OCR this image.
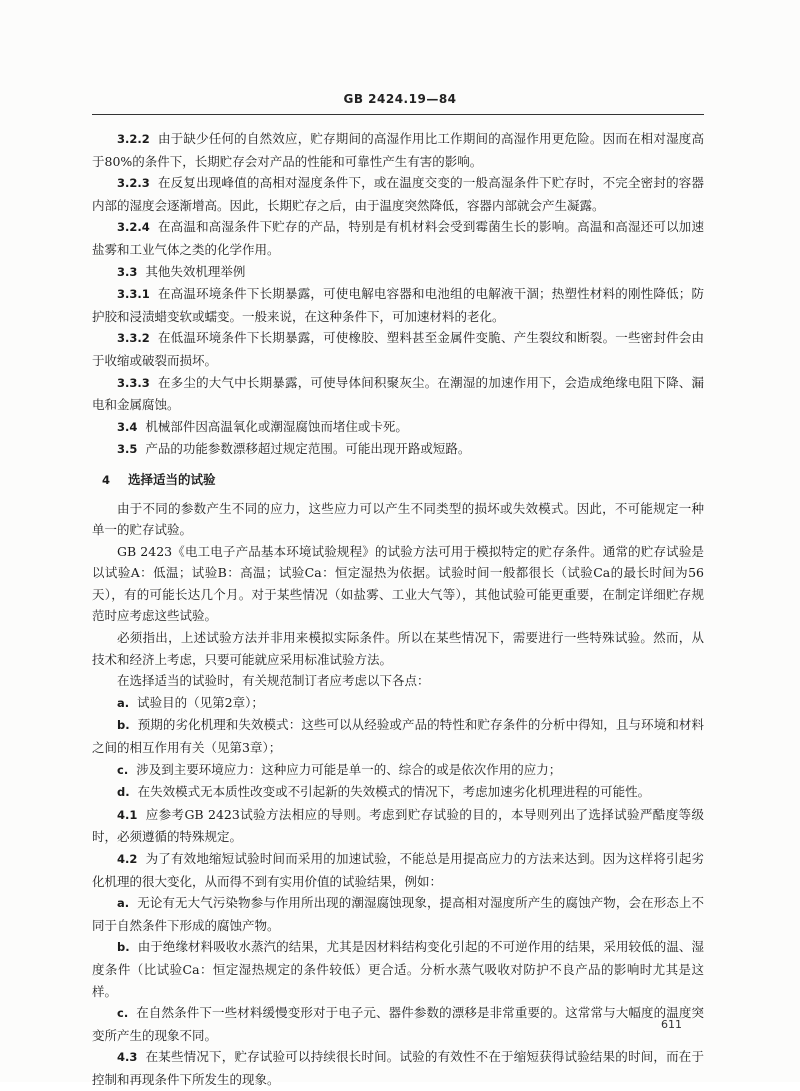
GB 2424.19—84

3.2.2 由于缺少任何的自然效应，贮存期间的高湿作用比工作期间的高湿作用更危险。因而在相对湿度高于80%的条件下，长期贮存会对产品的性能和可靠性产生有害的影响。

3.2.3 在反复出现峰值的高相对湿度条件下，或在温度交变的一般高湿条件下贮存时，不完全密封的容器内部的湿度会逐渐增高。因此，长期贮存之后，由于温度突然降低，容器内部就会产生凝露。

3.2.4 在高温和高湿条件下贮存的产品，特别是有机材料会受到霉菌生长的影响。高温和高湿还可以加速盐雾和工业气体之类的化学作用。

3.3 其他失效机理举例

3.3.1 在高温环境条件下长期暴露，可使电解电容器和电池组的电解液干涸；热塑性材料的刚性降低；防护胶和浸渍蜡变软或蠕变。一般来说，在这种条件下，可加速材料的老化。

3.3.2 在低温环境条件下长期暴露，可使橡胶、塑料甚至金属件变脆、产生裂纹和断裂。一些密封件会由于收缩或破裂而损坏。

3.3.3 在多尘的大气中长期暴露，可使导体间积聚灰尘。在潮湿的加速作用下，会造成绝缘电阻下降、漏电和金属腐蚀。

3.4 机械部件因高温氧化或潮湿腐蚀而堵住或卡死。

3.5 产品的功能参数漂移超过规定范围。可能出现开路或短路。

4 选择适当的试验

由于不同的参数产生不同的应力，这些应力可以产生不同类型的损坏或失效模式。因此，不可能规定一种单一的贮存试验。

GB 2423《电工电子产品基本环境试验规程》的试验方法可用于模拟特定的贮存条件。通常的贮存试验是以试验A：低温；试验B：高温；试验Ca：恒定湿热为依据。试验时间一般都很长（试验Ca的最长时间为56天），有的可能长达几个月。对于某些情况（如盐雾、工业大气等），其他试验可能更重要，在制定详细贮存规范时应考虑这些试验。

必须指出，上述试验方法并非用来模拟实际条件。所以在某些情况下，需要进行一些特殊试验。然而，从技术和经济上考虑，只要可能就应采用标准试验方法。

在选择适当的试验时，有关规范制订者应考虑以下各点：

a. 试验目的（见第2章）；

b. 预期的劣化机理和失效模式：这些可以从经验或产品的特性和贮存条件的分析中得知，且与环境和材料之间的相互作用有关（见第3章）；

c. 涉及到主要环境应力：这种应力可能是单一的、综合的或是依次作用的应力；

d. 在失效模式无本质性改变或不引起新的失效模式的情况下，考虑加速劣化机理进程的可能性。

4.1 应参考GB 2423试验方法相应的导则。考虑到贮存试验的目的，本导则列出了选择试验严酷度等级时，必须遵循的特殊规定。

4.2 为了有效地缩短试验时间而采用的加速试验，不能总是用提高应力的方法来达到。因为这样将引起劣化机理的很大变化，从而得不到有实用价值的试验结果，例如：

a. 无论有无大气污染物参与作用所出现的潮湿腐蚀现象，提高相对湿度所产生的腐蚀产物，会在形态上不同于自然条件下形成的腐蚀产物。

b. 由于绝缘材料吸收水蒸汽的结果，尤其是因材料结构变化引起的不可逆作用的结果，采用较低的温、湿度条件（比试验Ca：恒定湿热规定的条件较低）更合适。分析水蒸气吸收对防护不良产品的影响时尤其是这样。

c. 在自然条件下一些材料缓慢变形对于电子元、器件参数的漂移是非常重要的。这常常与大幅度的温度突变所产生的现象不同。

4.3 在某些情况下，贮存试验可以持续很长时间。试验的有效性不在于缩短获得试验结果的时间，而在于控制和再现条件下所发生的现象。

611
